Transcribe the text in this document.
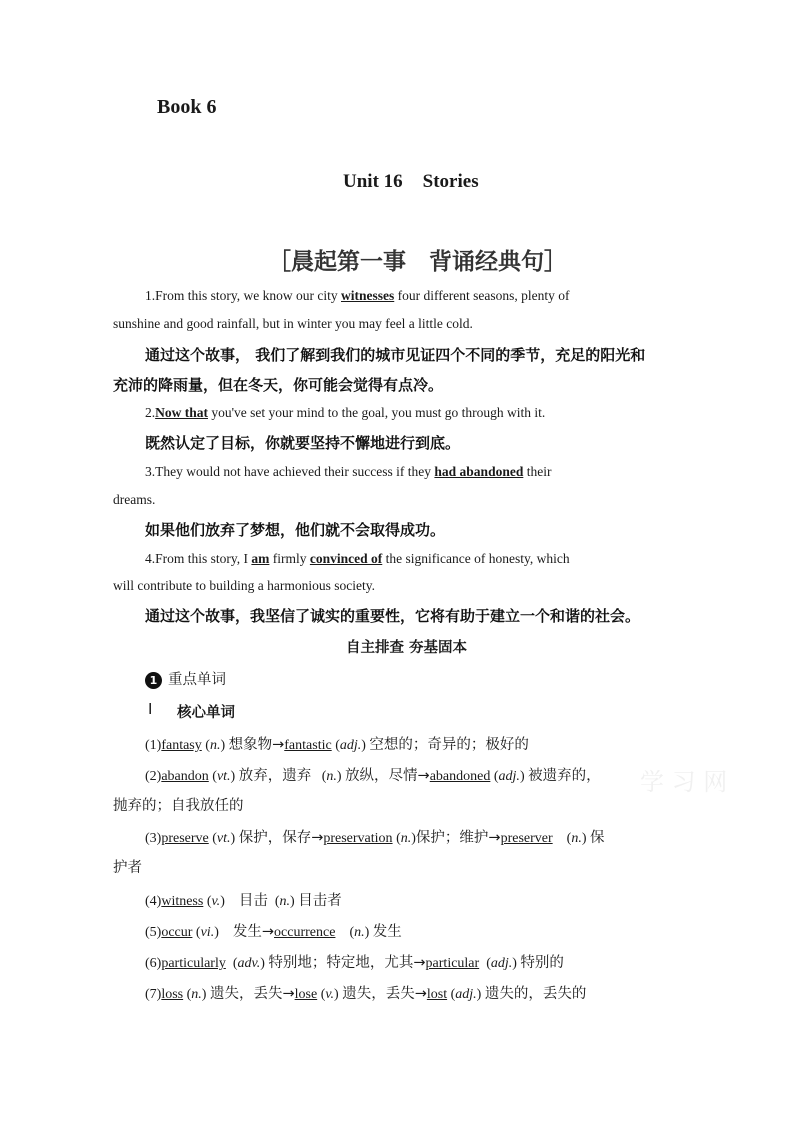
Book 6
Unit 16 Stories
［晨起第一事　背诵经典句］
1.From this story, we know our city witnesses four different seasons, plenty of
sunshine and good rainfall, but in winter you may feel a little cold.
通过这个故事， 我们了解到我们的城市见证四个不同的季节，充足的阳光和
充沛的降雨量，但在冬天，你可能会觉得有点冷。
2.Now that you've set your mind to the goal, you must go through with it.
既然认定了目标，你就要坚持不懈地进行到底。
3.They would not have achieved their success if they had abandoned their
dreams.
如果他们放弃了梦想，他们就不会取得成功。
4.From this story, I am firmly convinced of the significance of honesty, which
will contribute to building a harmonious society.
通过这个故事，我坚信了诚实的重要性，它将有助于建立一个和谐的社会。
自主排查 夯基固本
1 重点单词
Ⅰ 核心单词
(1)fantasy (n.) 想象物→fantastic (adj.) 空想的；奇异的；极好的
(2)abandon (vt.) 放弃，遗弃   (n.) 放纵，尽情→abandoned (adj.) 被遗弃的，
抛弃的；自我放任的
(3)preserve (vt.) 保护，保存→preservation (n.)保护；维护→preserver    (n.) 保
护者
(4)witness (v.)    目击  (n.) 目击者
(5)occur (vi.)    发生→occurrence    (n.) 发生
(6)particularly  (adv.) 特别地；特定地，尤其→particular  (adj.) 特别的
(7)loss (n.) 遗失，丢失→lose (v.) 遗失，丢失→lost (adj.) 遗失的，丢失的
学 习 网
